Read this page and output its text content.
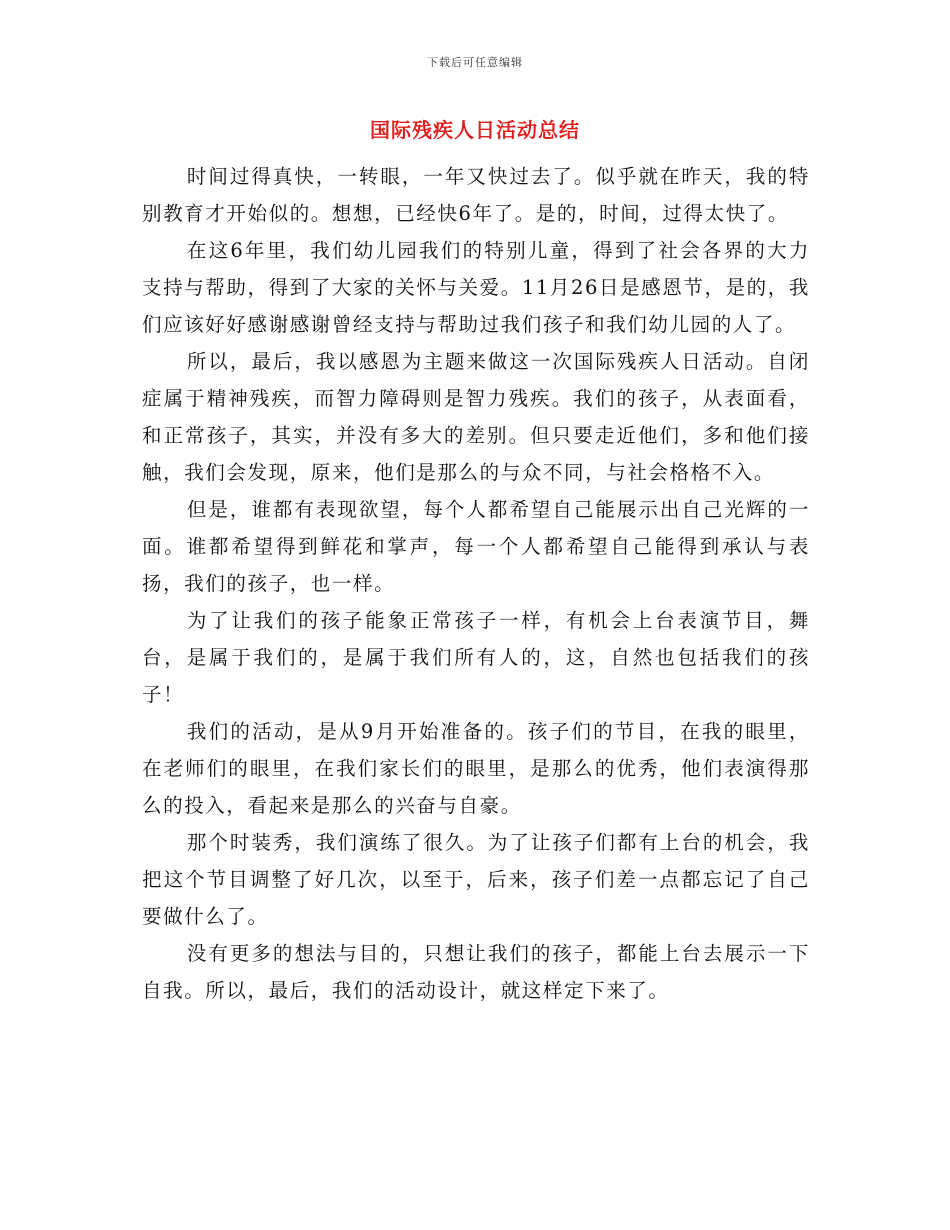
下载后可任意编辑
国际残疾人日活动总结

时间过得真快，一转眼，一年又快过去了。似乎就在昨天，我的特别教育才开始似的。想想，已经快6年了。是的，时间，过得太快了。

在这6年里，我们幼儿园我们的特别儿童，得到了社会各界的大力支持与帮助，得到了大家的关怀与关爱。11月26日是感恩节，是的，我们应该好好感谢感谢曾经支持与帮助过我们孩子和我们幼儿园的人了。

所以，最后，我以感恩为主题来做这一次国际残疾人日活动。自闭症属于精神残疾，而智力障碍则是智力残疾。我们的孩子，从表面看，和正常孩子，其实，并没有多大的差别。但只要走近他们，多和他们接触，我们会发现，原来，他们是那么的与众不同，与社会格格不入。

但是，谁都有表现欲望，每个人都希望自己能展示出自己光辉的一面。谁都希望得到鲜花和掌声，每一个人都希望自己能得到承认与表扬，我们的孩子，也一样。

为了让我们的孩子能象正常孩子一样，有机会上台表演节目，舞台，是属于我们的，是属于我们所有人的，这，自然也包括我们的孩子！

我们的活动，是从9月开始准备的。孩子们的节目，在我的眼里，在老师们的眼里，在我们家长们的眼里，是那么的优秀，他们表演得那么的投入，看起来是那么的兴奋与自豪。

那个时装秀，我们演练了很久。为了让孩子们都有上台的机会，我把这个节目调整了好几次，以至于，后来，孩子们差一点都忘记了自己要做什么了。

没有更多的想法与目的，只想让我们的孩子，都能上台去展示一下自我。所以，最后，我们的活动设计，就这样定下来了。
